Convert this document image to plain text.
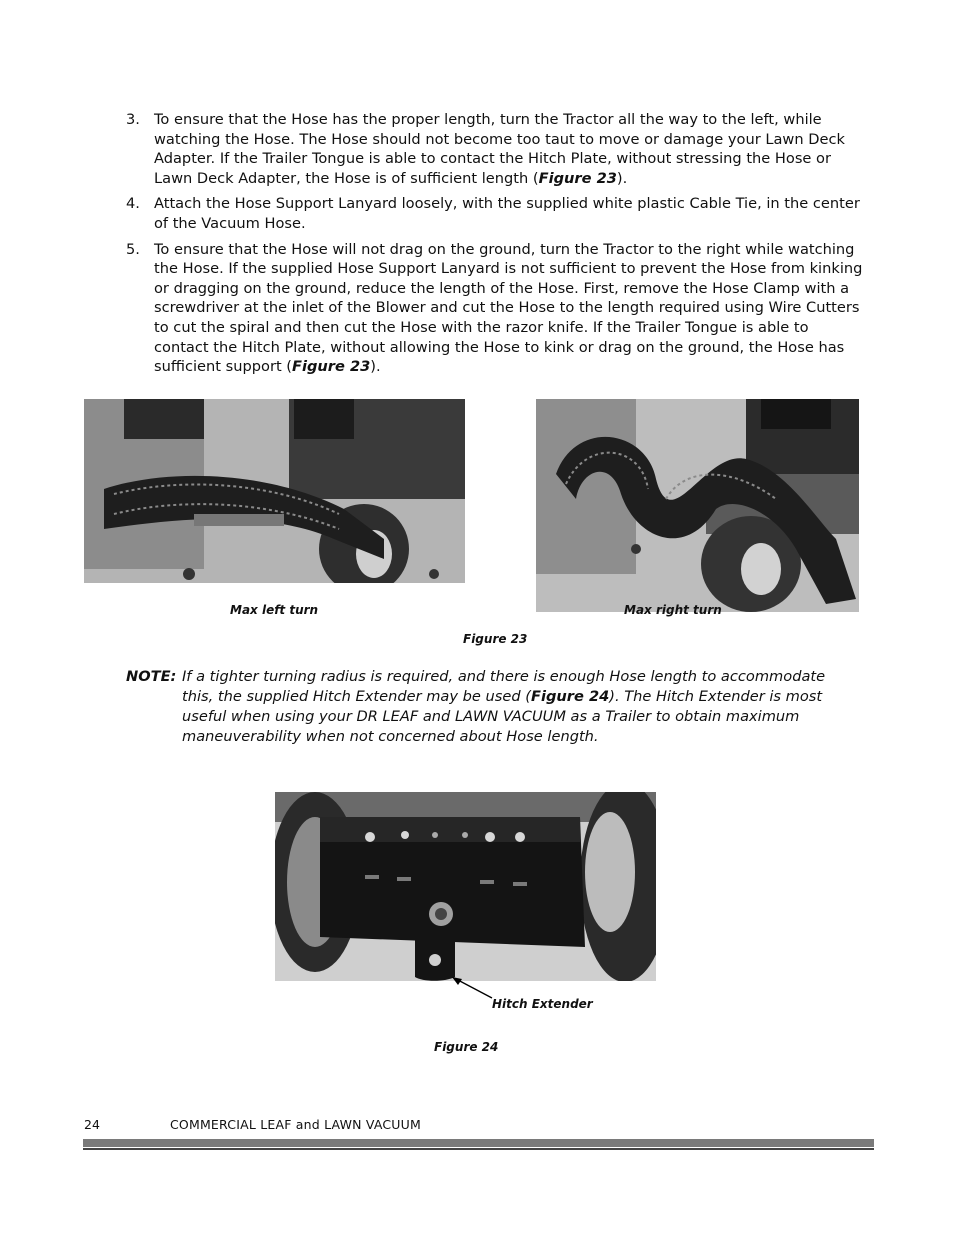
3. To ensure that the Hose has the proper length, turn the Tractor all the way to the left, while watching the Hose. The Hose should not become too taut to move or damage your Lawn Deck Adapter. If the Trailer Tongue is able to contact the Hitch Plate, without stressing the Hose or Lawn Deck Adapter, the Hose is of sufficient length (Figure 23).
4. Attach the Hose Support Lanyard loosely, with the supplied white plastic Cable Tie, in the center of the Vacuum Hose.
5. To ensure that the Hose will not drag on the ground, turn the Tractor to the right while watching the Hose. If the supplied Hose Support Lanyard is not sufficient to prevent the Hose from kinking or dragging on the ground, reduce the length of the Hose. First, remove the Hose Clamp with a screwdriver at the inlet of the Blower and cut the Hose to the length required using Wire Cutters to cut the spiral and then cut the Hose with the razor knife. If the Trailer Tongue is able to contact the Hitch Plate, without allowing the Hose to kink or drag on the ground, the Hose has sufficient support (Figure 23).
Max left turn	Max right turn
Figure 23
NOTE: If a tighter turning radius is required, and there is enough Hose length to accommodate this, the supplied Hitch Extender may be used (Figure 24). The Hitch Extender is most useful when using your DR LEAF and LAWN VACUUM as a Trailer to obtain maximum maneuverability when not concerned about Hose length.
Hitch Extender
Figure 24
24	COMMERCIAL LEAF and LAWN VACUUM
